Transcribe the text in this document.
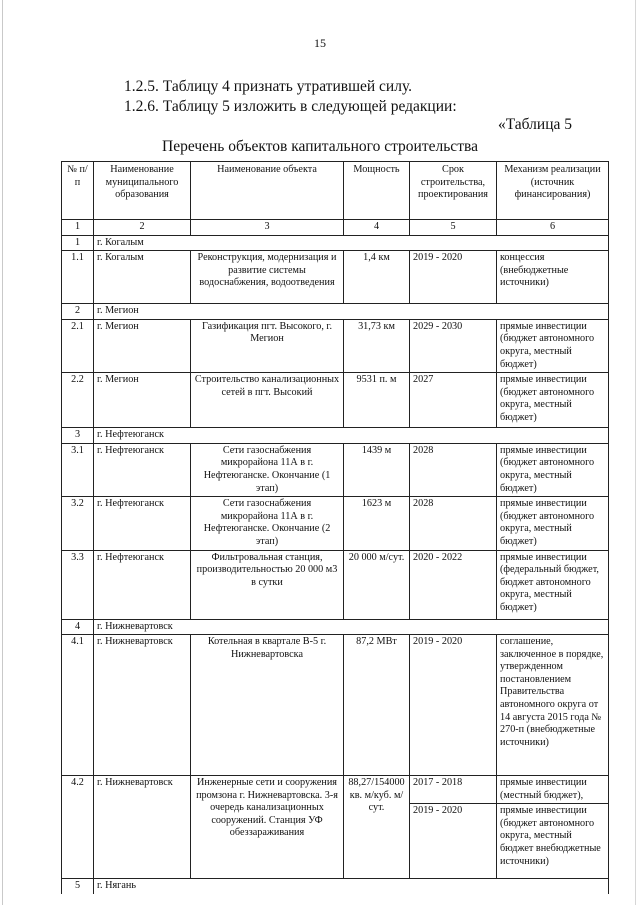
15
1.2.5. Таблицу 4 признать утратившей силу.
1.2.6. Таблицу 5 изложить в следующей редакции:
«Таблица 5
Перечень объектов капитального строительства
№ п/п	Наименование муниципального образования	Наименование объекта	Мощность	Срок строительства, проектирования	Механизм реализации (источник финансирования)
1	2	3	4	5	6
1	г. Когалым				
1.1	г. Когалым	Реконструкция, модернизация и развитие системы водоснабжения, водоотведения	1,4 км	2019 - 2020	концессия (внебюджетные источники)
2	г. Мегион				
2.1	г. Мегион	Газификация пгт. Высокого, г. Мегион	31,73 км	2029 - 2030	прямые инвестиции (бюджет автономного округа, местный бюджет)
2.2	г. Мегион	Строительство канализационных сетей в пгт. Высокий	9531 п. м	2027	прямые инвестиции (бюджет автономного округа, местный бюджет)
3	г. Нефтеюганск				
3.1	г. Нефтеюганск	Сети газоснабжения микрорайона 11А в г. Нефтеюганске. Окончание (1 этап)	1439 м	2028	прямые инвестиции (бюджет автономного округа, местный бюджет)
3.2	г. Нефтеюганск	Сети газоснабжения микрорайона 11А в г. Нефтеюганске. Окончание (2 этап)	1623 м	2028	прямые инвестиции (бюджет автономного округа, местный бюджет)
3.3	г. Нефтеюганск	Фильтровальная станция, производительностью 20 000 м3 в сутки	20 000 м/сут.	2020 - 2022	прямые инвестиции (федеральный бюджет, бюджет автономного округа, местный бюджет)
4	г. Нижневартовск				
4.1	г. Нижневартовск	Котельная в квартале В-5 г. Нижневартовска	87,2 МВт	2019 - 2020	соглашение, заключенное в порядке, утвержденном постановлением Правительства автономного округа от 14 августа 2015 года № 270-п (внебюджетные источники)
4.2	г. Нижневартовск	Инженерные сети и сооружения промзона г. Нижневартовска. 3-я очередь канализационных сооружений. Станция УФ обеззараживания	88,27/154000 кв. м/куб. м/сут.	2017 - 2018	прямые инвестиции (местный бюджет),
				2019 - 2020	прямые инвестиции (бюджет автономного округа, местный бюджет внебюджетные источники)
5	г. Нягань				
